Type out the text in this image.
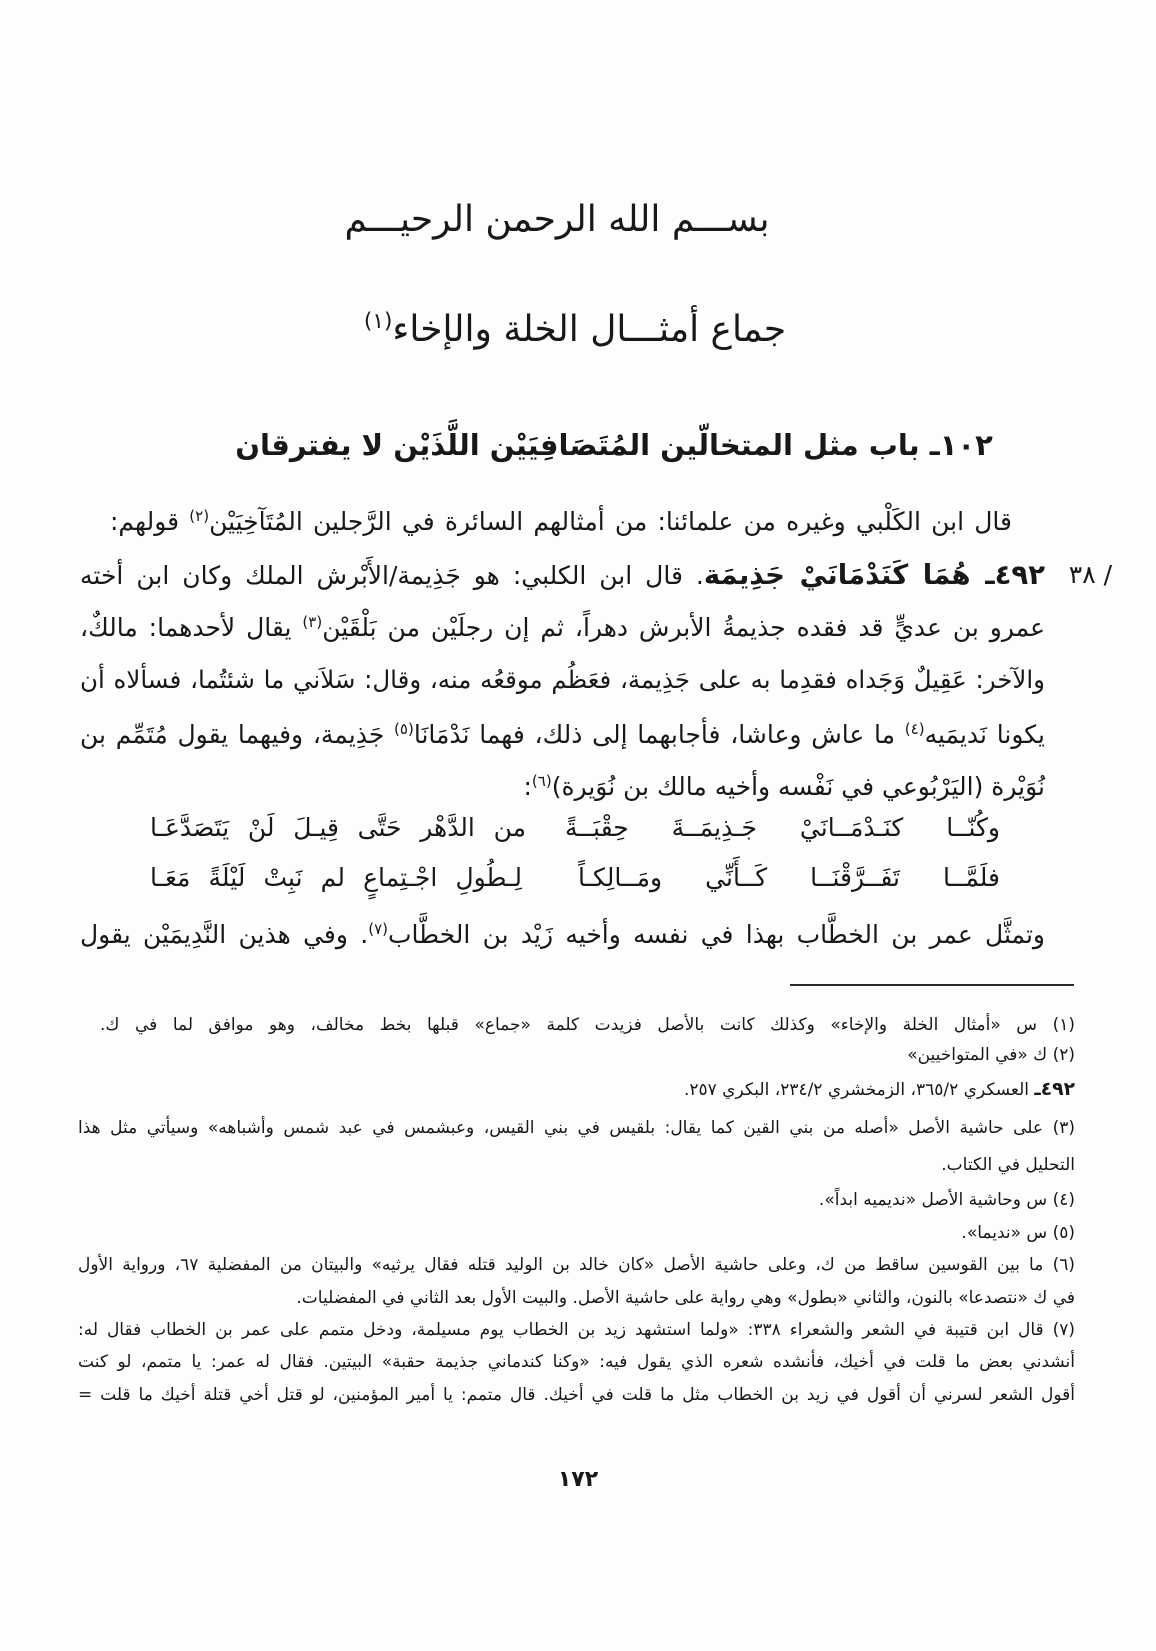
بســـم الله الرحمن الرحيـــم
جماع أمثـــال الخلة والإخاء$^{(١)}$
١٠٢ـ باب مثل المتخالّين المُتَصَافِيَيْن اللَّذَيْن لا يفترقان
قال ابن الكَلْبي وغيره من علمائنا: من أمثالهم السائرة في الرَّجلين المُتَآخِيَيْن$^{(٢)}$ قولهم:
٤٩٢ـ هُمَا كَنَدْمَانَيْ جَذِيمَة. قال ابن الكلبي: هو جَذِيمة/الأَبْرش الملك وكان ابن أخته	٣٨ /
عمرو بن عديٍّ قد فقده جذيمةُ الأبرش دهراً، ثم إن رجلَيْن من بَلْقَيْن$^{(٣)}$ يقال لأحدهما: مالكٌ،
والآخر: عَقِيلٌ وَجَداه فقدِما به على جَذِيمة، فعَظُم موقعُه منه، وقال: سَلاَني ما شئتُما، فسألاه أن
يكونا نَديمَيه$^{(٤)}$ ما عاش وعاشا، فأجابهما إلى ذلك، فهما نَدْمَانَا$^{(٥)}$ جَذِيمة، وفيهما يقول مُتَمِّم بن
نُوَيْرة (اليَرْبُوعي في نَفْسه وأخيه مالك بن نُوَيرة)$^{(٦)}$:
وكُنّــا كنَـدْمَــانَيْ جَـذِيمَــةَ حِقْبَــةً
من الدَّهْر حَتَّى قِيـلَ لَنْ يَتَصَدَّعَـا
فلَمَّــا تَفَــرَّقْنَــا كَــأَنِّي ومَــالِكـاً
لِـطُولِ اجْـتِماعٍ لم نَبِتْ لَيْلَةً مَعَـا
وتمثَّل عمر بن الخطَّاب بهذا في نفسه وأخيه زَيْد بن الخطَّاب$^{(٧)}$. وفي هذين النَّدِيمَيْن يقول
(١) س «أمثال الخلة والإخاء» وكذلك كانت بالأصل فزيدت كلمة «جماع» قبلها بخط مخالف، وهو موافق لما في ك.
(٢) ك «في المتواخيين»
٤٩٢ـ العسكري ٣٦٥/٢، الزمخشري ٢٣٤/٢، البكري ٢٥٧.
(٣) على حاشية الأصل «أصله من بني القين كما يقال: بلقيس في بني القيس، وعبشمس في عبد شمس وأشباهه» وسيأتي مثل هذا
التحليل في الكتاب.
(٤) س وحاشية الأصل «نديميه ابداً».
(٥) س «نديما».
(٦) ما بين القوسين ساقط من ك، وعلى حاشية الأصل «كان خالد بن الوليد قتله فقال يرثيه» والبيتان من المفضلية ٦٧، ورواية الأول
في ك «نتصدعا» بالنون، والثاني «بطول» وهي رواية على حاشية الأصل. والبيت الأول بعد الثاني في المفضليات.
(٧) قال ابن قتيبة في الشعر والشعراء ٣٣٨: «ولما استشهد زيد بن الخطاب يوم مسيلمة، ودخل متمم على عمر بن الخطاب فقال له:
أنشدني بعض ما قلت في أخيك، فأنشده شعره الذي يقول فيه: «وكنا كندماني جذيمة حقبة» البيتين. فقال له عمر: يا متمم، لو كنت
أقول الشعر لسرني أن أقول في زيد بن الخطاب مثل ما قلت في أخيك. قال متمم: يا أمير المؤمنين، لو قتل أخي قتلة أخيك ما قلت =
١٧٢
